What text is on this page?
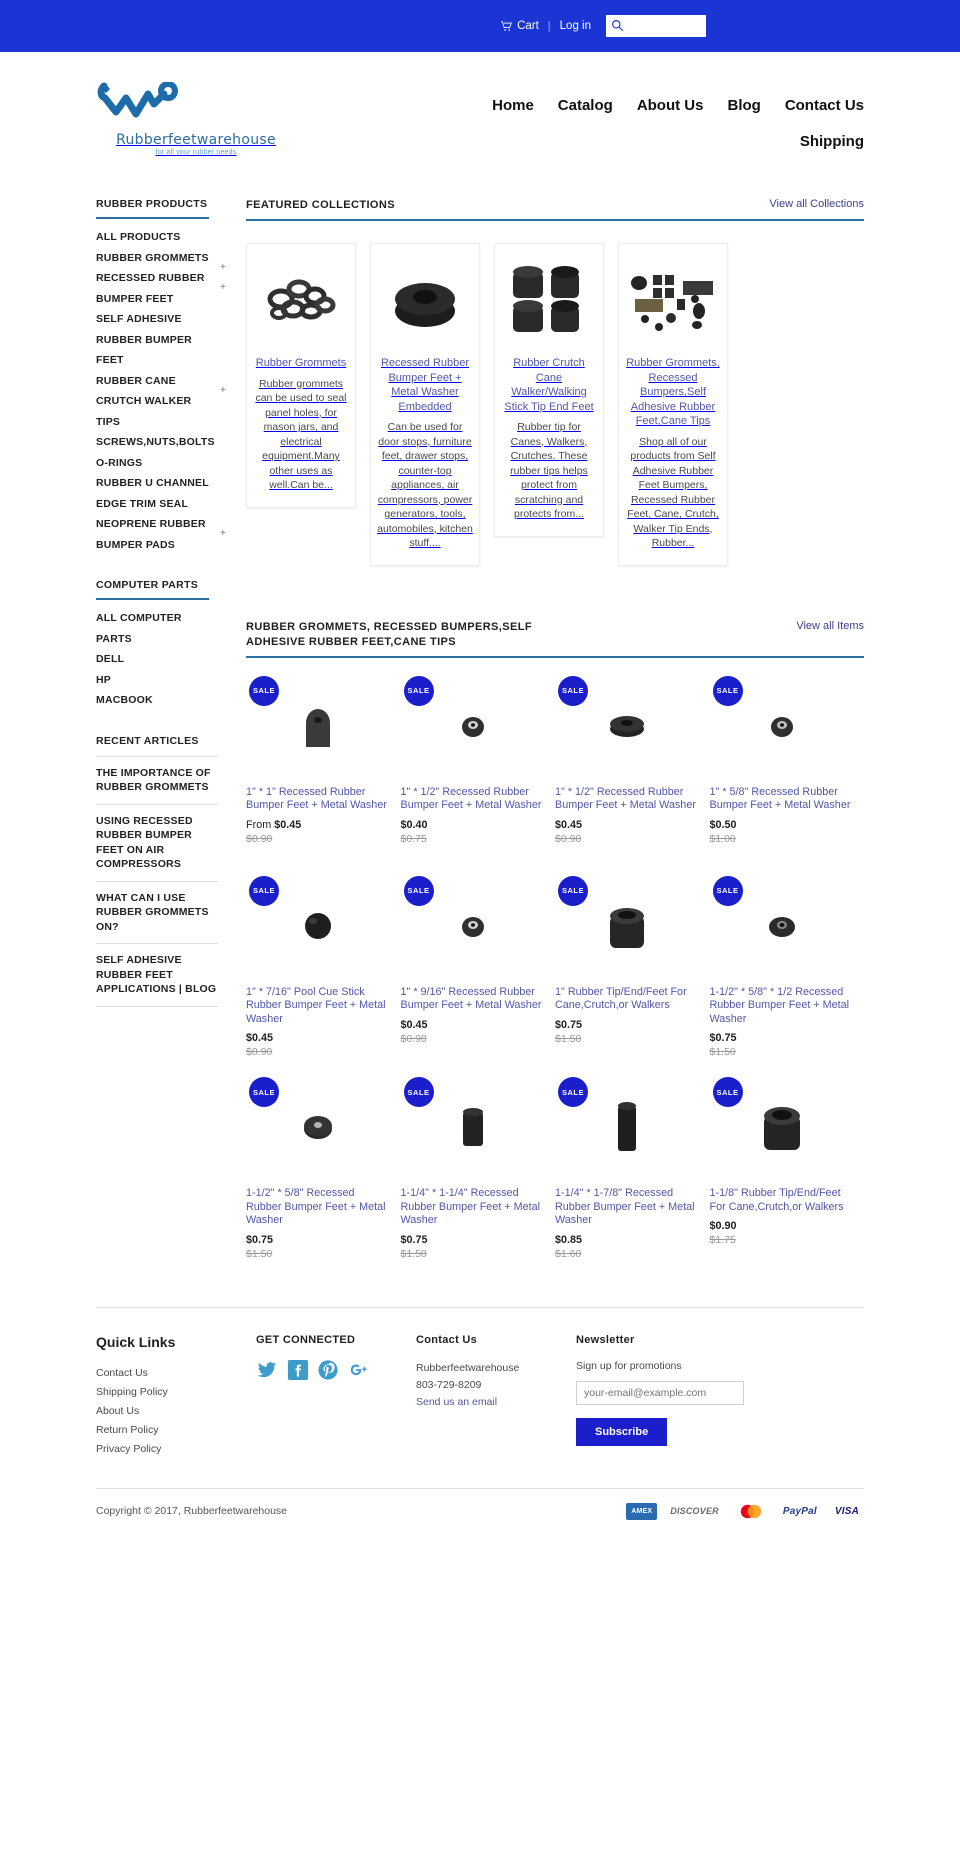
Cart | Log in
Rubberfeetwarehouse
for all your rubber needs
Home Catalog About Us Blog Contact Us
Shipping
RUBBER PRODUCTS
ALL PRODUCTS
RUBBER GROMMETS
+
RECESSED RUBBER BUMPER FEET
+
SELF ADHESIVE RUBBER BUMPER FEET
RUBBER CANE CRUTCH WALKER TIPS
+
SCREWS,NUTS,BOLTS
O-RINGS
RUBBER U CHANNEL EDGE TRIM SEAL
NEOPRENE RUBBER BUMPER PADS
+
COMPUTER PARTS
ALL COMPUTER PARTS
DELL
HP
MACBOOK
RECENT ARTICLES
THE IMPORTANCE OF RUBBER GROMMETS
USING RECESSED RUBBER BUMPER FEET ON AIR COMPRESSORS
WHAT CAN I USE RUBBER GROMMETS ON?
SELF ADHESIVE RUBBER FEET APPLICATIONS | BLOG
FEATURED COLLECTIONS	View all Collections
Rubber Grommets
Rubber grommets can be used to seal panel holes, for mason jars, and electrical equipment.Many other uses as well.Can be...
Recessed Rubber Bumper Feet + Metal Washer Embedded
Can be used for door stops, furniture feet, drawer stops, counter-top appliances, air compressors, power generators, tools, automobiles, kitchen stuff....
Rubber Crutch Cane Walker/Walking Stick Tip End Feet
Rubber tip for Canes, Walkers, Crutches. These rubber tips helps protect from scratching and protects from...
Rubber Grommets, Recessed Bumpers,Self Adhesive Rubber Feet,Cane Tips
Shop all of our products from Self Adhesive Rubber Feet Bumpers, Recessed Rubber Feet, Cane, Crutch, Walker Tip Ends, Rubber...
RUBBER GROMMETS, RECESSED BUMPERS,SELF ADHESIVE RUBBER FEET,CANE TIPS
View all Items
SALE
1" * 1" Recessed Rubber Bumper Feet + Metal Washer
From $0.45
$0.90
SALE
1" * 1/2" Recessed Rubber Bumper Feet + Metal Washer
$0.40
$0.75
SALE
1" * 1/2" Recessed Rubber Bumper Feet + Metal Washer
$0.45
$0.90
SALE
1" * 5/8" Recessed Rubber Bumper Feet + Metal Washer
$0.50
$1.00
SALE
1" * 7/16" Pool Cue Stick Rubber Bumper Feet + Metal Washer
$0.45
$0.90
SALE
1" * 9/16" Recessed Rubber Bumper Feet + Metal Washer
$0.45
$0.90
SALE
1" Rubber Tip/End/Feet For Cane,Crutch,or Walkers
$0.75
$1.50
SALE
1-1/2" * 5/8" * 1/2 Recessed Rubber Bumper Feet + Metal Washer
$0.75
$1.50
SALE
1-1/2" * 5/8" Recessed Rubber Bumper Feet + Metal Washer
$0.75
$1.50
SALE
1-1/4" * 1-1/4" Recessed Rubber Bumper Feet + Metal Washer
$0.75
$1.50
SALE
1-1/4" * 1-7/8" Recessed Rubber Bumper Feet + Metal Washer
$0.85
$1.60
SALE
1-1/8" Rubber Tip/End/Feet For Cane,Crutch,or Walkers
$0.90
$1.75
Quick Links
Contact Us
Shipping Policy
About Us
Return Policy
Privacy Policy
GET CONNECTED	Contact Us
Rubberfeetwarehouse
803-729-8209
Send us an email
Newsletter
Sign up for promotions
your-email@example.com
Subscribe
Copyright © 2017, Rubberfeetwarehouse	AMEX	DISCOVER	PayPal	VISA
